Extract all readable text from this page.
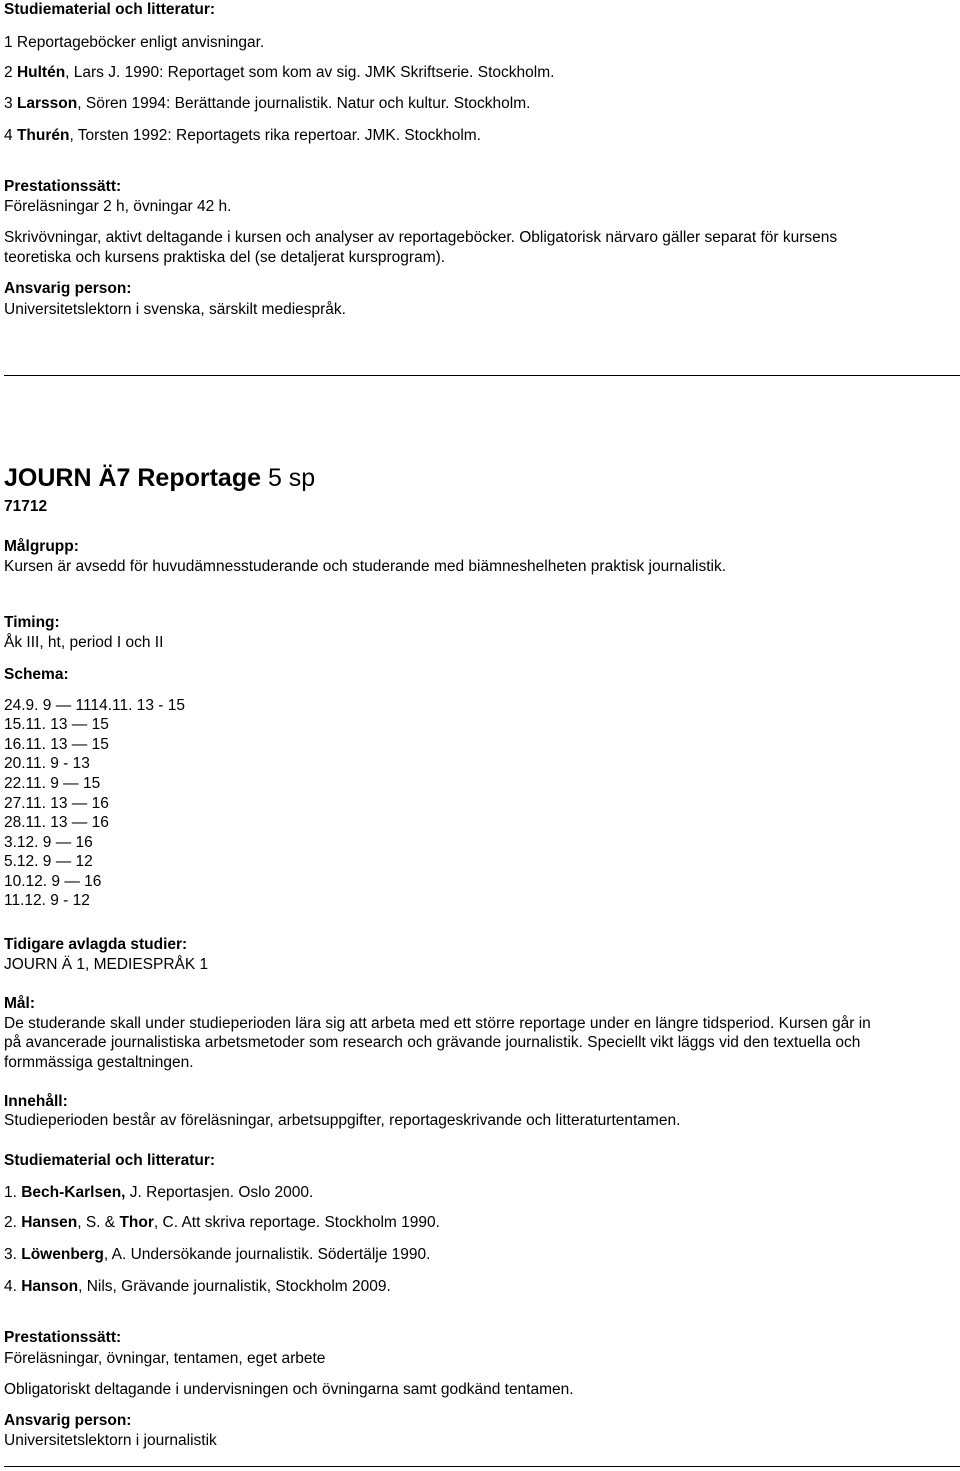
Studiematerial och litteratur:
1 Reportageböcker enligt anvisningar.
2 Hultén, Lars J. 1990: Reportaget som kom av sig. JMK Skriftserie. Stockholm.
3 Larsson, Sören 1994: Berättande journalistik. Natur och kultur. Stockholm.
4 Thurén, Torsten 1992: Reportagets rika repertoar. JMK. Stockholm.
Prestationssätt:
Föreläsningar 2 h, övningar 42 h.
Skrivövningar, aktivt deltagande i kursen och analyser av reportageböcker. Obligatorisk närvaro gäller separat för kursens
teoretiska och kursens praktiska del (se detaljerat kursprogram).
Ansvarig person:
Universitetslektorn i svenska, särskilt mediespråk.
JOURN Ä7 Reportage 5 sp
71712
Målgrupp:
Kursen är avsedd för huvudämnesstuderande och studerande med biämneshelheten praktisk journalistik.
Timing:
Åk III, ht, period I och II
Schema:
24.9. 9 — 1114.11. 13 - 15
15.11. 13 — 15
16.11. 13 — 15
20.11. 9 - 13
22.11. 9 — 15
27.11. 13 — 16
28.11. 13 — 16
3.12. 9 — 16
5.12. 9 — 12
10.12. 9 — 16
11.12. 9 - 12
Tidigare avlagda studier:
JOURN Ä 1, MEDIESPRÅK 1
Mål:
De studerande skall under studieperioden lära sig att arbeta med ett större reportage under en längre tidsperiod. Kursen går in
på avancerade journalistiska arbetsmetoder som research och grävande journalistik. Speciellt vikt läggs vid den textuella och
formmässiga gestaltningen.
Innehåll:
Studieperioden består av föreläsningar, arbetsuppgifter, reportageskrivande och litteraturtentamen.
Studiematerial och litteratur:
1. Bech-Karlsen, J. Reportasjen. Oslo 2000.
2. Hansen, S. & Thor, C. Att skriva reportage. Stockholm 1990.
3. Löwenberg, A. Undersökande journalistik. Södertälje 1990.
4. Hanson, Nils, Grävande journalistik, Stockholm 2009.
Prestationssätt:
Föreläsningar, övningar, tentamen, eget arbete
Obligatoriskt deltagande i undervisningen och övningarna samt godkänd tentamen.
Ansvarig person:
Universitetslektorn i journalistik
